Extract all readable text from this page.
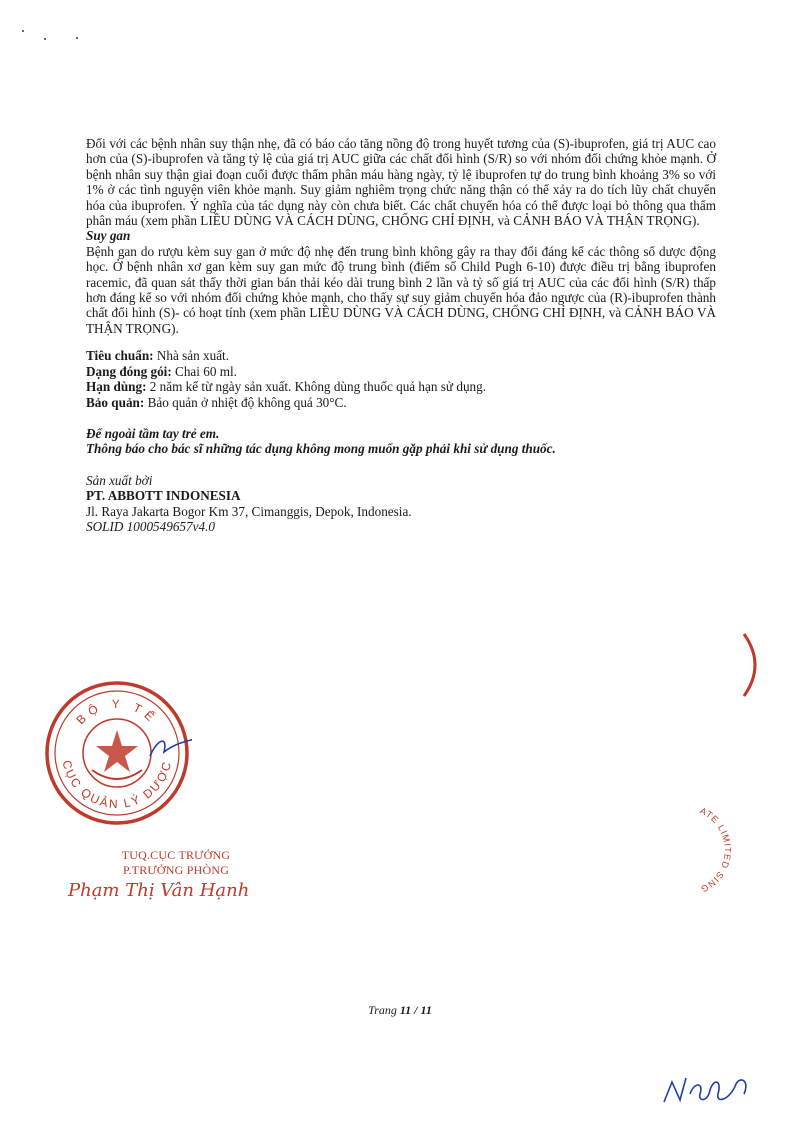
Đối với các bệnh nhân suy thận nhẹ, đã có báo cáo tăng nồng độ trong huyết tương của (S)-ibuprofen, giá trị AUC cao hơn của (S)-ibuprofen và tăng tỷ lệ của giá trị AUC giữa các chất đối hình (S/R) so với nhóm đối chứng khỏe mạnh. Ở bệnh nhân suy thận giai đoạn cuối được thẩm phân máu hàng ngày, tỷ lệ ibuprofen tự do trung bình khoảng 3% so với 1% ở các tình nguyện viên khỏe mạnh. Suy giảm nghiêm trọng chức năng thận có thể xảy ra do tích lũy chất chuyển hóa của ibuprofen. Ý nghĩa của tác dụng này còn chưa biết. Các chất chuyển hóa có thể được loại bỏ thông qua thẩm phân máu (xem phần LIỀU DÙNG VÀ CÁCH DÙNG, CHỐNG CHỈ ĐỊNH, và CẢNH BÁO VÀ THẬN TRỌNG).

Suy gan

Bệnh gan do rượu kèm suy gan ở mức độ nhẹ đến trung bình không gây ra thay đổi đáng kể các thông số dược động học. Ở bệnh nhân xơ gan kèm suy gan mức độ trung bình (điểm số Child Pugh 6-10) được điều trị bằng ibuprofen racemic, đã quan sát thấy thời gian bán thải kéo dài trung bình 2 lần và tỷ số giá trị AUC của các đối hình (S/R) thấp hơn đáng kể so với nhóm đối chứng khỏe mạnh, cho thấy sự suy giảm chuyển hóa đảo ngược của (R)-ibuprofen thành chất đối hình (S)- có hoạt tính (xem phần LIỀU DÙNG VÀ CÁCH DÙNG, CHỐNG CHỈ ĐỊNH, và CẢNH BÁO VÀ THẬN TRỌNG).

Tiêu chuẩn: Nhà sản xuất.
Dạng đóng gói: Chai 60 ml.
Hạn dùng: 2 năm kể từ ngày sản xuất. Không dùng thuốc quá hạn sử dụng.
Bảo quản: Bảo quản ở nhiệt độ không quá 30°C.

Để ngoài tầm tay trẻ em.

Thông báo cho bác sĩ những tác dụng không mong muốn gặp phải khi sử dụng thuốc.

Sản xuất bởi

PT. ABBOTT INDONESIA

Jl. Raya Jakarta Bogor Km 37, Cimanggis, Depok, Indonesia.

SOLID 1000549657v4.0

BỘ Y TẾ
CỤC QUẢN LÝ DƯỢC
TUQ.CỤC TRƯỞNG
P.TRƯỞNG PHÒNG
Phạm Thị Vân Hạnh
ATE LIMITED SING
Trang 11 / 11
